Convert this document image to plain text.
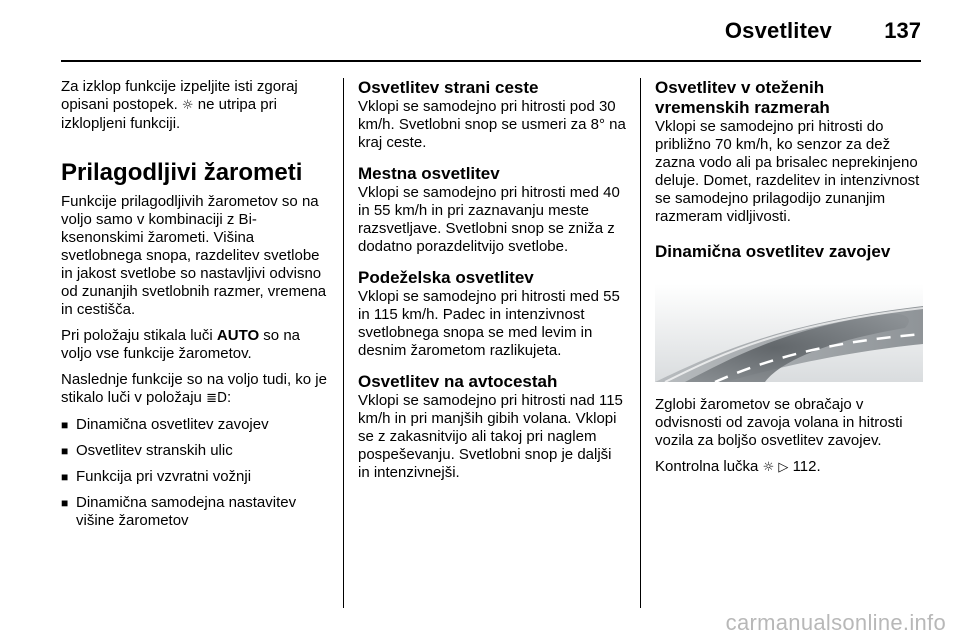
Osvetlitev 137

Za izklop funkcije izpeljite isti zgoraj opisani postopek. ☼ ne utripa pri izklopljeni funkciji.

Prilagodljivi žarometi

Funkcije prilagodljivih žarometov so na voljo samo v kombinaciji z Bi-ksenonskimi žarometi. Višina svetlobnega snopa, razdelitev svetlobe in jakost svetlobe so nastavljivi odvisno od zunanjih svetlobnih razmer, vremena in cestišča.

Pri položaju stikala luči AUTO so na voljo vse funkcije žarometov.

Naslednje funkcije so na voljo tudi, ko je stikalo luči v položaju ≣D:

■ Dinamična osvetlitev zavojev
■ Osvetlitev stranskih ulic
■ Funkcija pri vzvratni vožnji
■ Dinamična samodejna nastavitev višine žarometov
Osvetlitev strani ceste

Vklopi se samodejno pri hitrosti pod 30 km/h. Svetlobni snop se usmeri za 8° na kraj ceste.

Mestna osvetlitev

Vklopi se samodejno pri hitrosti med 40 in 55 km/h in pri zaznavanju meste razsvetljave. Svetlobni snop se zniža z dodatno porazdelitvijo svetlobe.

Podeželska osvetlitev

Vklopi se samodejno pri hitrosti med 55 in 115 km/h. Padec in intenzivnost svetlobnega snopa se med levim in desnim žarometom razlikujeta.

Osvetlitev na avtocestah

Vklopi se samodejno pri hitrosti nad 115 km/h in pri manjših gibih volana. Vklopi se z zakasnitvijo ali takoj pri naglem pospeševanju. Svetlobni snop je daljši in intenzivnejši.

Osvetlitev v oteženih vremenskih razmerah

Vklopi se samodejno pri hitrosti do približno 70 km/h, ko senzor za dež zazna vodo ali pa brisalec neprekinjeno deluje. Domet, razdelitev in intenzivnost se samodejno prilagodijo zunanjim razmeram vidljivosti.

Dinamična osvetlitev zavojev

Zglobi žarometov se obračajo v odvisnosti od zavoja volana in hitrosti vozila za boljšo osvetlitev zavojev.

Kontrolna lučka ☼ ▷ 112.

carmanualsonline.info
